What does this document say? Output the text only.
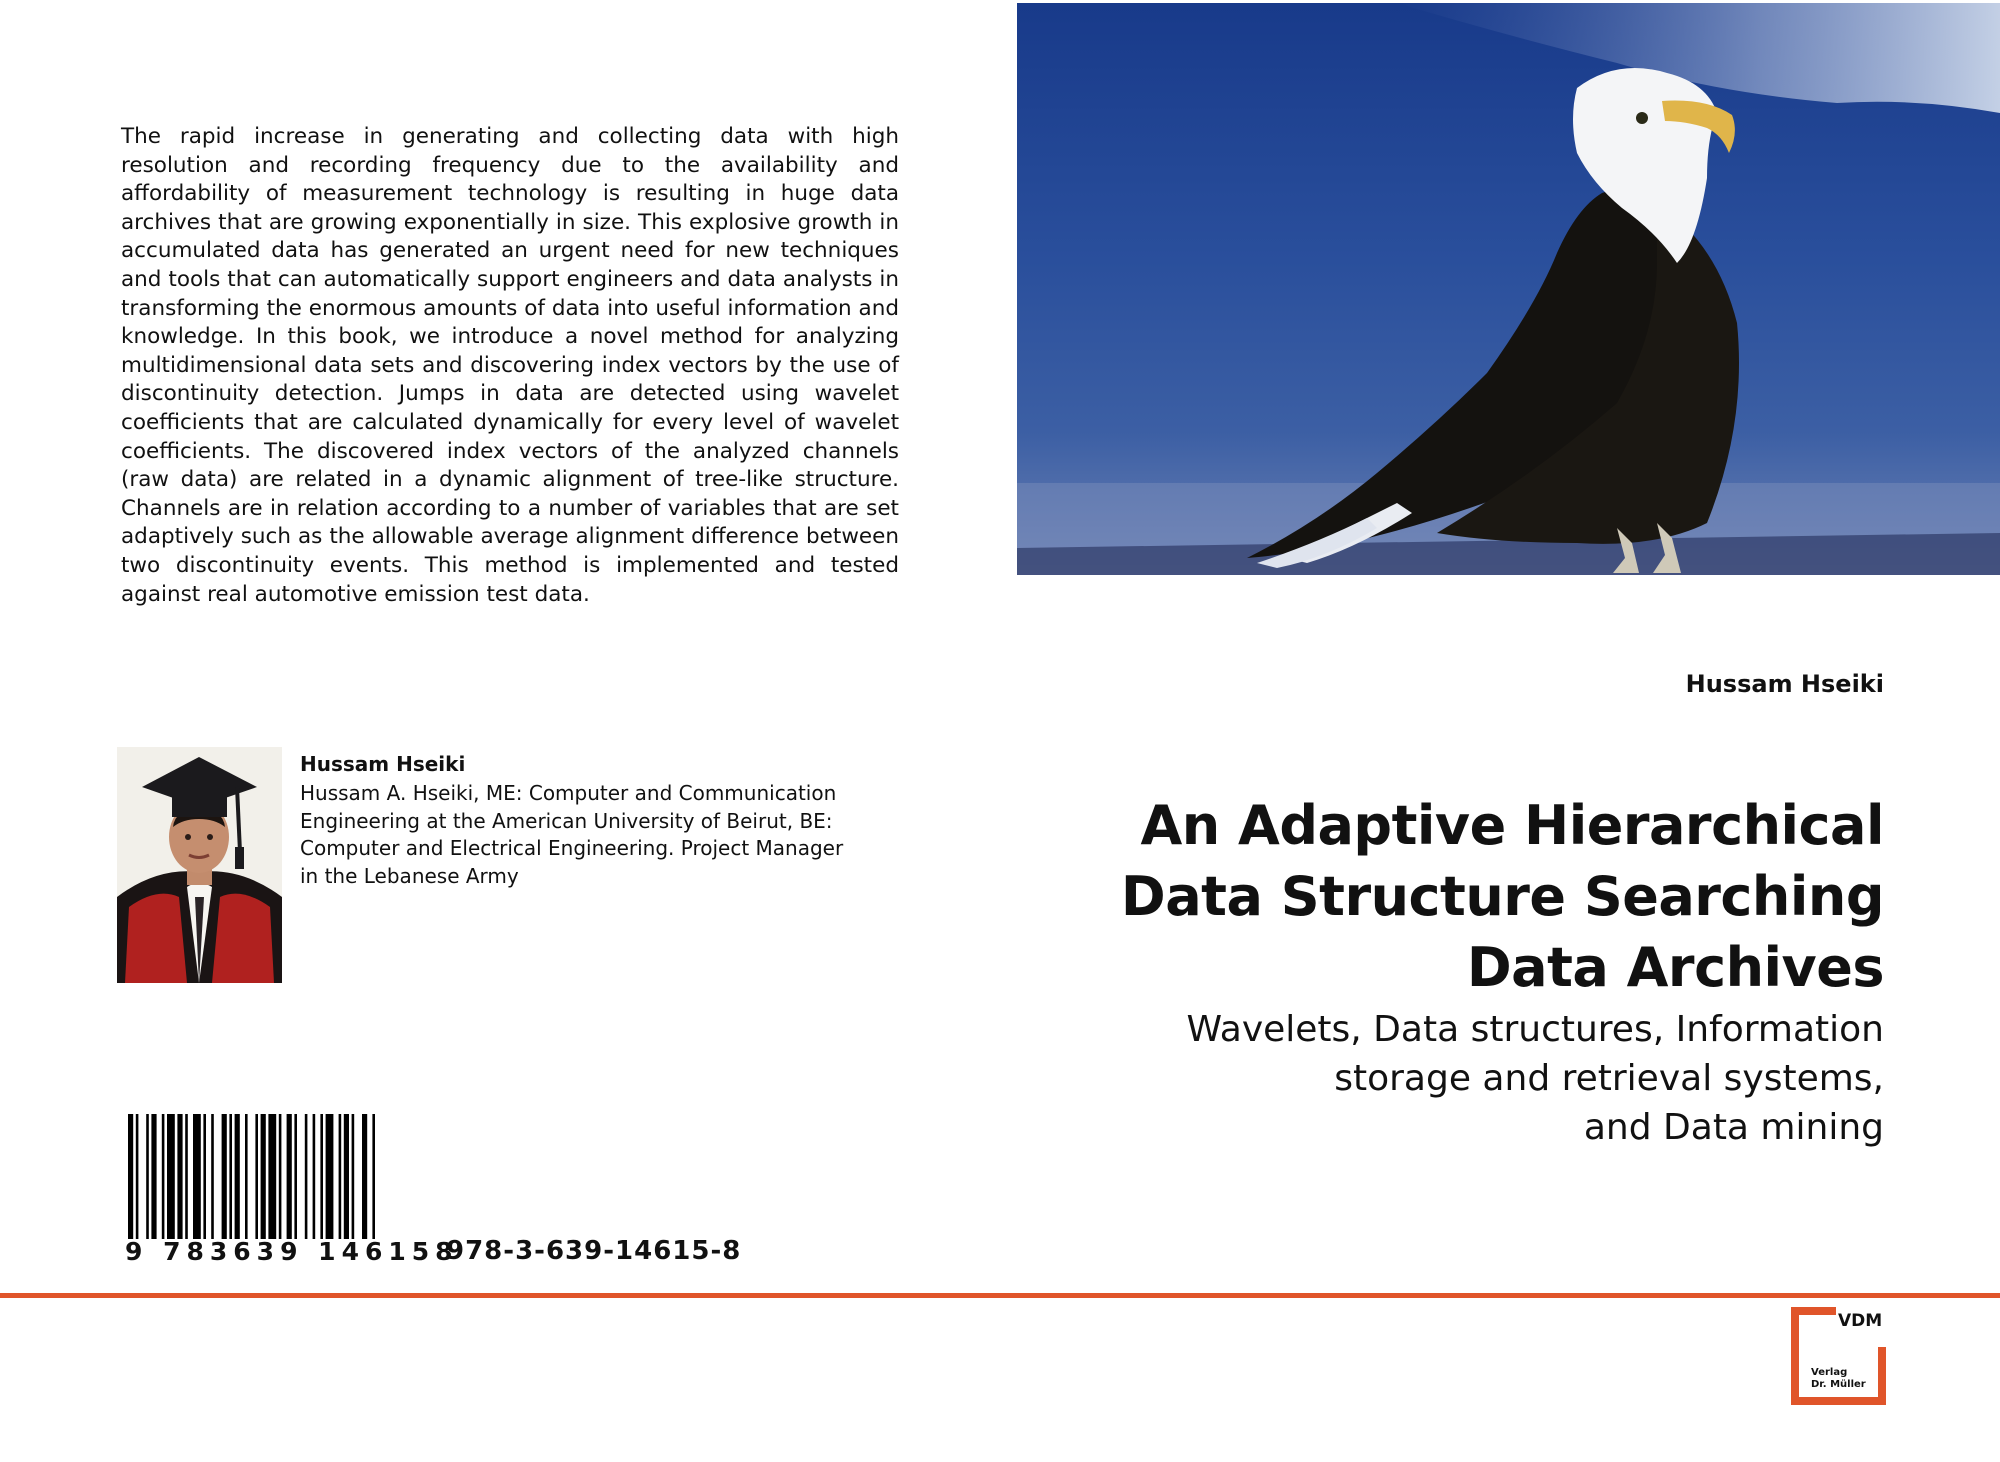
The rapid increase in generating and collecting data with high resolution and recording frequency due to the availability and affordability of measurement technology is resulting in huge data archives that are growing exponentially in size. This explosive growth in accumulated data has generated an urgent need for new techniques and tools that can automatically support engineers and data analysts in transforming the enormous amounts of data into useful information and knowledge. In this book, we introduce a novel method for analyzing multidimensional data sets and discovering index vectors by the use of discontinuity detection. Jumps in data are detected using wavelet coefficients that are calculated dynamically for every level of wavelet coefficients. The discovered index vectors of the analyzed channels (raw data) are related in a dynamic alignment of tree-like structure. Channels are in relation according to a number of variables that are set adaptively such as the allowable average alignment difference between two discontinuity events. This method is implemented and tested against real automotive emission test data.
Hussam Hseiki
Hussam Hseiki
Hussam A. Hseiki, ME: Computer and Communication Engineering at the American University of Beirut, BE: Computer and Electrical Engineering. Project Manager in the Lebanese Army
An Adaptive Hierarchical
Data Structure Searching
Data Archives
Wavelets, Data structures, Information
storage and retrieval systems,
and Data mining
9 783639 146158
978-3-639-14615-8
VDM
Verlag
Dr. Müller
